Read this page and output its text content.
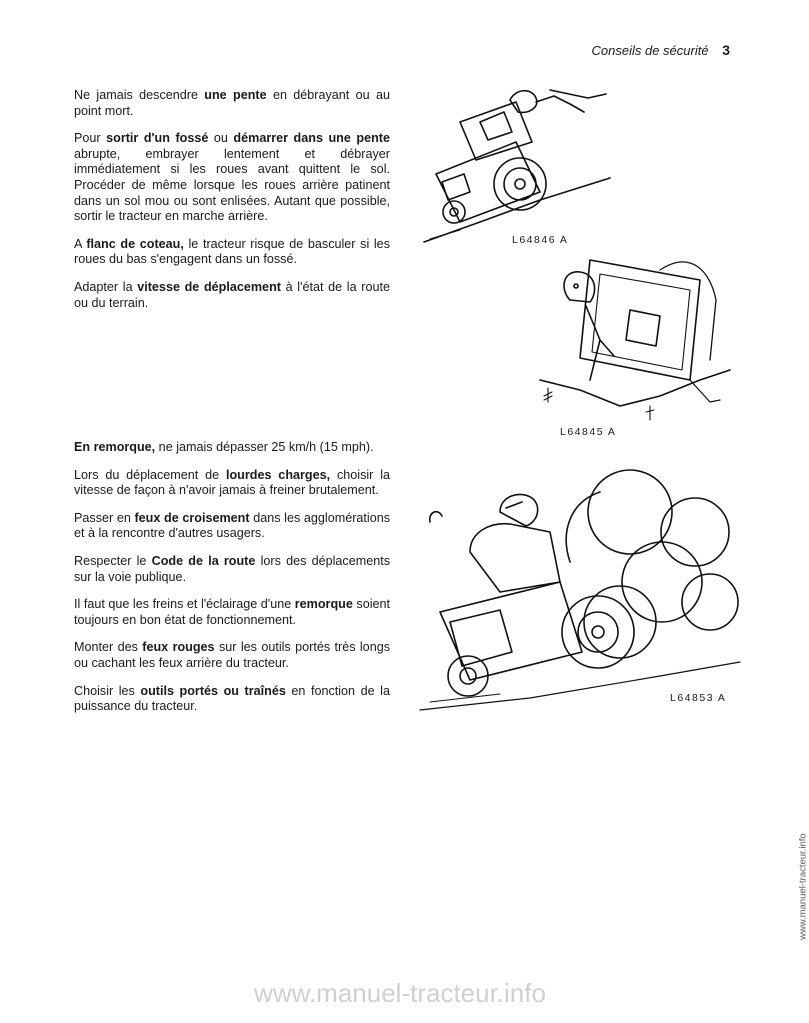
Conseils de sécurité 3

Ne jamais descendre une pente en débrayant ou au point mort.

Pour sortir d'un fossé ou démarrer dans une pente abrupte, embrayer lentement et débrayer immédiatement si les roues avant quittent le sol. Procéder de même lorsque les roues arrière patinent dans un sol mou ou sont enlisées. Autant que possible, sortir le tracteur en marche arrière.

A flanc de coteau, le tracteur risque de basculer si les roues du bas s'engagent dans un fossé.

Adapter la vitesse de déplacement à l'état de la route ou du terrain.

En remorque, ne jamais dépasser 25 km/h (15 mph).

Lors du déplacement de lourdes charges, choisir la vitesse de façon à n'avoir jamais à freiner brutalement.

Passer en feux de croisement dans les agglomérations et à la rencontre d'autres usagers.

Respecter le Code de la route lors des déplacements sur la voie publique.

Il faut que les freins et l'éclairage d'une remorque soient toujours en bon état de fonctionnement.

Monter des feux rouges sur les outils portés très longs ou cachant les feux arrière du tracteur.

Choisir les outils portés ou traînés en fonction de la puissance du tracteur.

L64846 A
L64845 A
L64853 A
www.manuel-tracteur.info
www.manuel-tracteur.info
